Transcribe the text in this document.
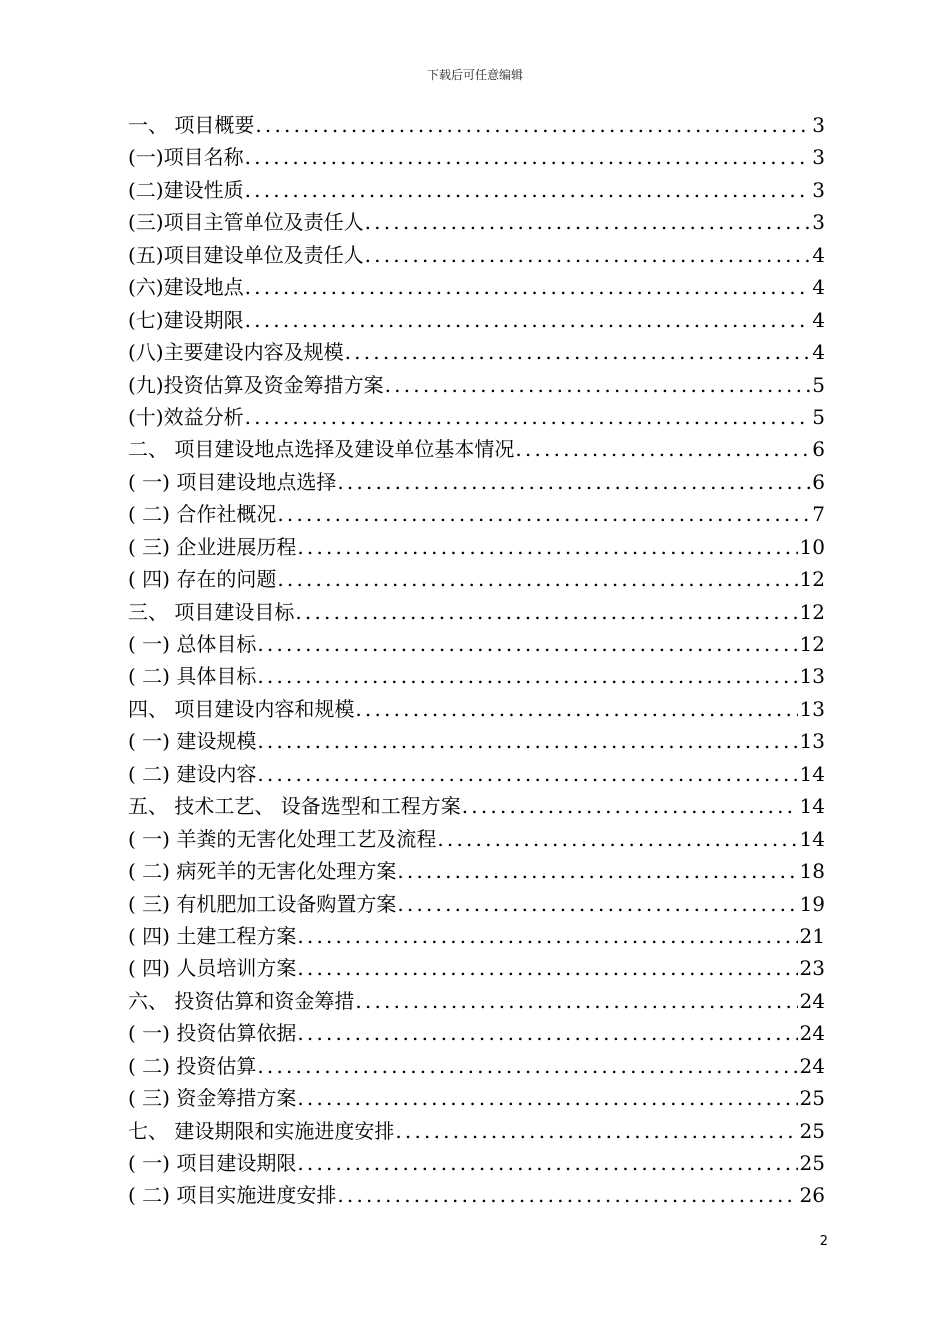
下载后可任意编辑
一、 项目概要 .....	3
(一)项目名称 .....	3
(二)建设性质 .....	3
(三)项目主管单位及责任人 .....	3
(五)项目建设单位及责任人 .....	4
(六)建设地点 .....	4
(七)建设期限 .....	4
(八)主要建设内容及规模 .....	4
(九)投资估算及资金筹措方案 .....	5
(十)效益分析 .....	5
二、 项目建设地点选择及建设单位基本情况 .....	6
( 一) 项目建设地点选择 .....	6
( 二) 合作社概况 .....	7
( 三) 企业进展历程 .....	10
( 四) 存在的问题 .....	12
三、 项目建设目标 .....	12
( 一) 总体目标 .....	12
( 二) 具体目标 .....	13
四、 项目建设内容和规模 .....	13
( 一) 建设规模 .....	13
( 二) 建设内容 .....	14
五、 技术工艺、 设备选型和工程方案 .....	14
( 一) 羊粪的无害化处理工艺及流程 .....	14
( 二) 病死羊的无害化处理方案 .....	18
( 三) 有机肥加工设备购置方案 .....	19
( 四) 土建工程方案 .....	21
( 四) 人员培训方案 .....	23
六、 投资估算和资金筹措 .....	24
( 一) 投资估算依据 .....	24
( 二) 投资估算 .....	24
( 三) 资金筹措方案 .....	25
七、 建设期限和实施进度安排 .....	25
( 一) 项目建设期限 .....	25
( 二) 项目实施进度安排 .....	26
2
